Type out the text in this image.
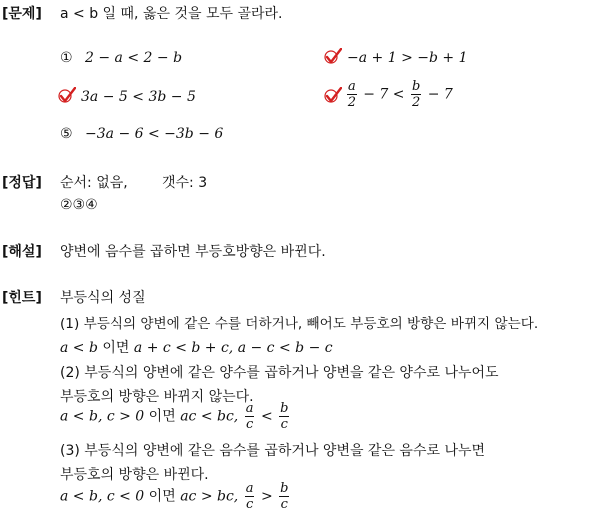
[문제] a < b 일 때, 옳은 것을 모두 골라라.
① 2 − a < 2 − b	−a + 1 > −b + 1
3a − 5 < 3b − 5	$\frac{a}{2} - 7 < \frac{b}{2} - 7$
⑤ −3a − 6 < −3b − 6
[정답] 순서: 없음, 갯수: 3
②③④
[해설] 양변에 음수를 곱하면 부등호방향은 바뀐다.
[힌트] 부등식의 성질
(1) 부등식의 양변에 같은 수를 더하거나, 빼어도 부등호의 방향은 바뀌지 않는다.
a < b 이면 a + c < b + c, a − c < b − c
(2) 부등식의 양변에 같은 양수를 곱하거나 양변을 같은 양수로 나누어도
부등호의 방향은 바뀌지 않는다.
a < b, c > 0 이면 ac < bc, $\frac{a}{c} < \frac{b}{c}$
(3) 부등식의 양변에 같은 음수를 곱하거나 양변을 같은 음수로 나누면
부등호의 방향은 바뀐다.
a < b, c < 0 이면 ac > bc, $\frac{a}{c} > \frac{b}{c}$
